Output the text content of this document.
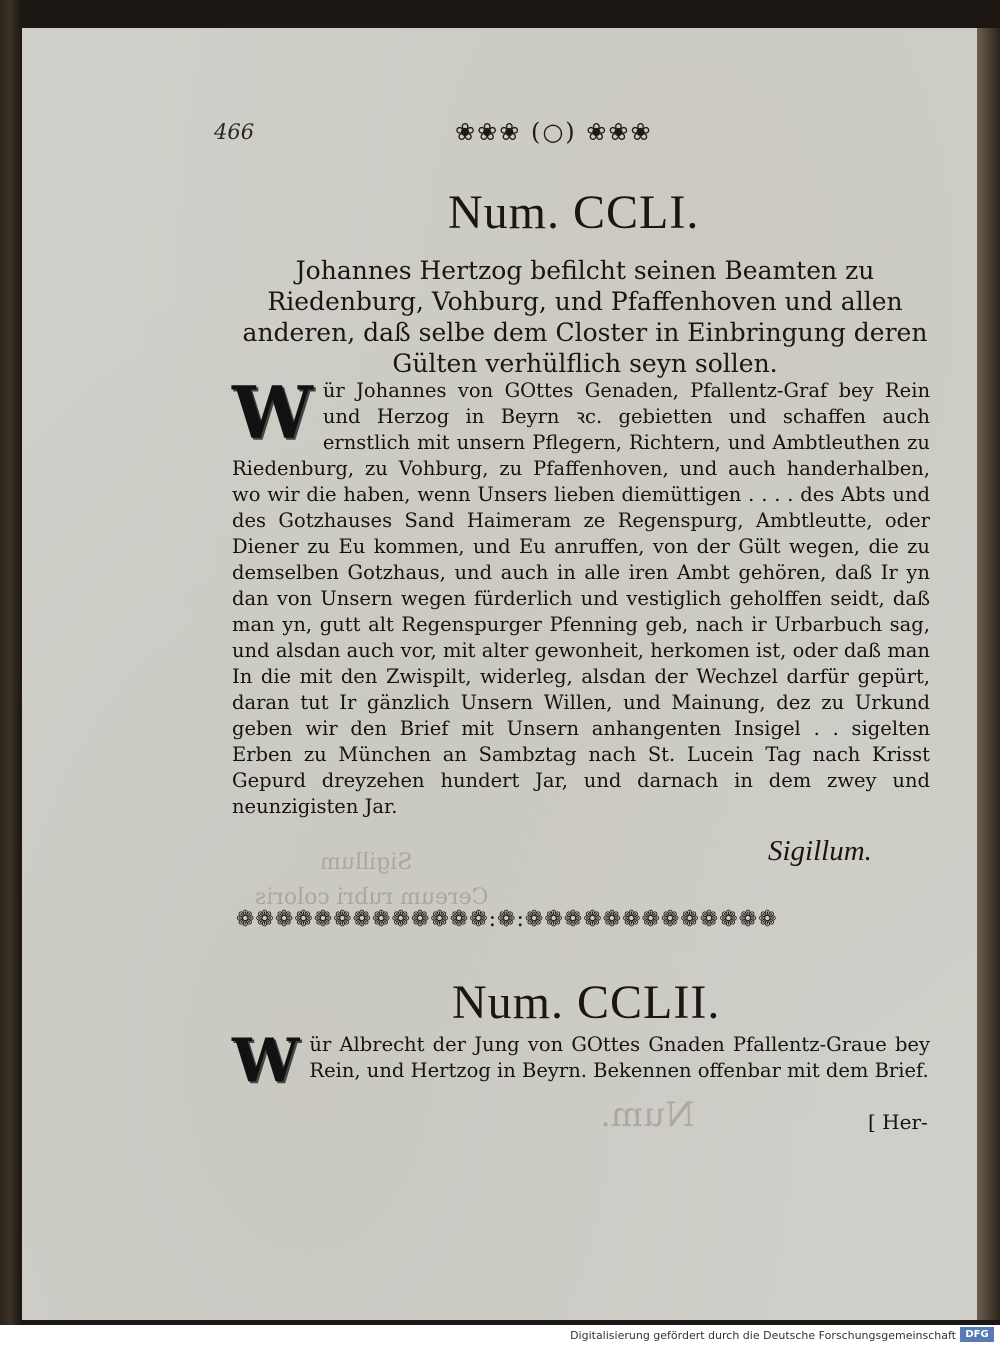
Sigillum
Cereum rubri coloris
Num.
466	❀❀❀ (○) ❀❀❀
Num. CCLI.
Johannes Hertzog befilcht seinen Beamten zu Riedenburg, Vohburg, und Pfaffenhoven und allen anderen, daß selbe dem Closter in Einbringung deren Gülten verhülflich seyn sollen.
W ür Johannes von GOttes Genaden, Pfallentz-Graf bey Rein und Herzog in Beyrn ꝛc. gebietten und schaffen auch ernstlich mit unsern Pflegern, Richtern, und Ambtleuthen zu Riedenburg, zu Vohburg, zu Pfaffenhoven, und auch handerhalben, wo wir die haben, wenn Unsers lieben diemüttigen . . . . des Abts und des Gotzhauses Sand Haimeram ze Regenspurg, Ambtleutte, oder Diener zu Eu kommen, und Eu anruffen, von der Gült wegen, die zu demselben Gotzhaus, und auch in alle iren Ambt gehören, daß Ir yn dan von Unsern wegen fürderlich und vestiglich geholffen seidt, daß man yn, gutt alt Regenspurger Pfenning geb, nach ir Urbarbuch sag, und alsdan auch vor, mit alter gewonheit, herkomen ist, oder daß man In die mit den Zwispilt, widerleg, alsdan der Wechzel darfür gepürt, daran tut Ir gänzlich Unsern Willen, und Mainung, dez zu Urkund geben wir den Brief mit Unsern anhangenten Insigel . . sigelten Erben zu München an Sambztag nach St. Lucein Tag nach Krisst Gepurd dreyzehen hundert Jar, und darnach in dem zwey und neunzigisten Jar.
Sigillum.
❁❁❁❁❁❁❁❁❁❁❁❁❁:❁:❁❁❁❁❁❁❁❁❁❁❁❁❁
Num. CCLII.
W ür Albrecht der Jung von GOttes Gnaden Pfallentz-Graue bey Rein, und Hertzog in Beyrn. Bekennen offenbar mit dem Brief.
[ Her-
Digitalisierung gefördert durch die Deutsche Forschungsgemeinschaft DFG
